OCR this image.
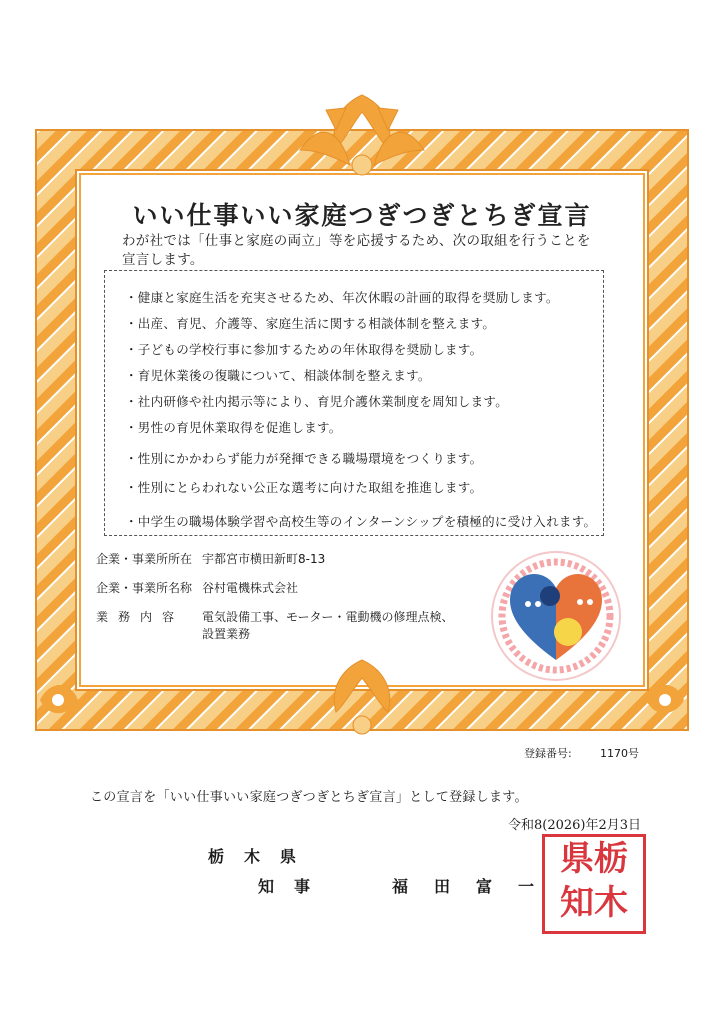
いい仕事いい家庭つぎつぎとちぎ宣言
わが社では「仕事と家庭の両立」等を応援するため、次の取組を行うことを宣言します。
・健康と家庭生活を充実させるため、年次休暇の計画的取得を奨励します。
・出産、育児、介護等、家庭生活に関する相談体制を整えます。
・子どもの学校行事に参加するための年休取得を奨励します。
・育児休業後の復職について、相談体制を整えます。
・社内研修や社内掲示等により、育児介護休業制度を周知します。
・男性の育児休業取得を促進します。
・性別にかかわらず能力が発揮できる職場環境をつくります。
・性別にとらわれない公正な選考に向けた取組を推進します。
・中学生の職場体験学習や高校生等のインターンシップを積極的に受け入れます。
企業・事業所所在 宇都宮市横田新町8-13
企業・事業所名称 谷村電機株式会社
業務内容 電気設備工事、モーター・電動機の修理点検、
設置業務
登録番号:	1170号
この宣言を「いい仕事いい家庭つぎつぎとちぎ宣言」として登録します。
令和8(2026)年2月3日
栃木県
知事	福田富一
県栃
知木
